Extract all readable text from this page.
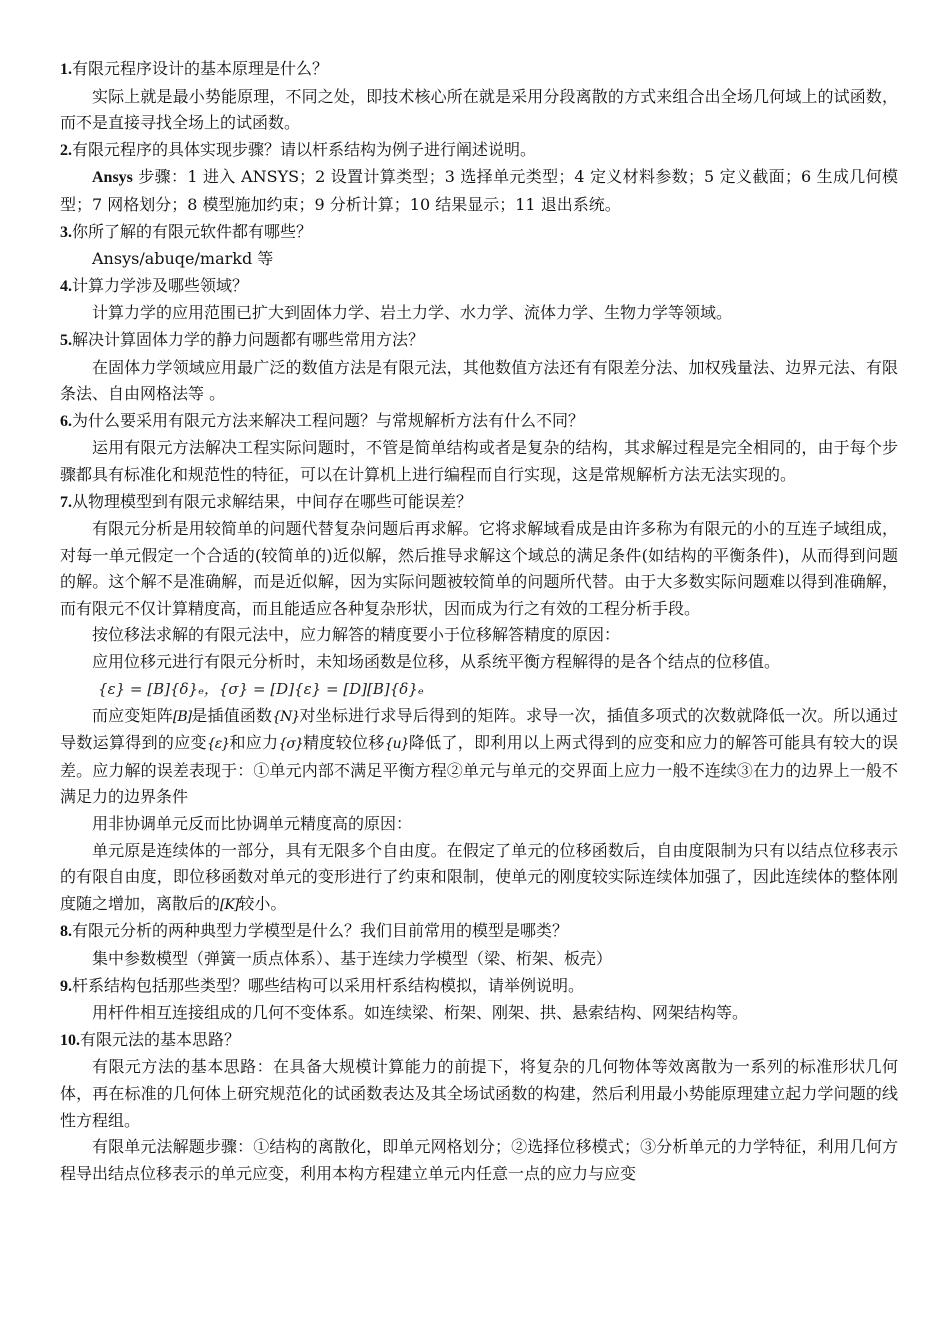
1.有限元程序设计的基本原理是什么？

实际上就是最小势能原理，不同之处，即技术核心所在就是采用分段离散的方式来组合出全场几何域上的试函数，而不是直接寻找全场上的试函数。

2.有限元程序的具体实现步骤？请以杆系结构为例子进行阐述说明。

Ansys 步骤：1 进入 ANSYS；2 设置计算类型；3 选择单元类型；4 定义材料参数；5 定义截面；6 生成几何模型；7 网格划分；8 模型施加约束；9 分析计算；10 结果显示；11 退出系统。

3.你所了解的有限元软件都有哪些？

Ansys/abuqe/markd 等

4.计算力学涉及哪些领域？

计算力学的应用范围已扩大到固体力学、岩土力学、水力学、流体力学、生物力学等领域。

5.解决计算固体力学的静力问题都有哪些常用方法？

在固体力学领域应用最广泛的数值方法是有限元法，其他数值方法还有有限差分法、加权残量法、边界元法、有限条法、自由网格法等 。

6.为什么要采用有限元方法来解决工程问题？与常规解析方法有什么不同？

运用有限元方法解决工程实际问题时，不管是简单结构或者是复杂的结构，其求解过程是完全相同的，由于每个步骤都具有标准化和规范性的特征，可以在计算机上进行编程而自行实现，这是常规解析方法无法实现的。

7.从物理模型到有限元求解结果，中间存在哪些可能误差？

有限元分析是用较简单的问题代替复杂问题后再求解。它将求解域看成是由许多称为有限元的小的互连子域组成，对每一单元假定一个合适的(较简单的)近似解，然后推导求解这个域总的满足条件(如结构的平衡条件)，从而得到问题的解。这个解不是准确解，而是近似解，因为实际问题被较简单的问题所代替。由于大多数实际问题难以得到准确解，而有限元不仅计算精度高，而且能适应各种复杂形状，因而成为行之有效的工程分析手段。

按位移法求解的有限元法中，应力解答的精度要小于位移解答精度的原因：

应用位移元进行有限元分析时，未知场函数是位移，从系统平衡方程解得的是各个结点的位移值。

{ε} = [B]{δ}ₑ，{σ} = [D]{ε} = [D][B]{δ}ₑ

而应变矩阵[B]是插值函数{N}对坐标进行求导后得到的矩阵。求导一次，插值多项式的次数就降低一次。所以通过导数运算得到的应变{ε}和应力{σ}精度较位移{u}降低了，即利用以上两式得到的应变和应力的解答可能具有较大的误差。应力解的误差表现于：①单元内部不满足平衡方程②单元与单元的交界面上应力一般不连续③在力的边界上一般不满足力的边界条件

用非协调单元反而比协调单元精度高的原因：

单元原是连续体的一部分，具有无限多个自由度。在假定了单元的位移函数后，自由度限制为只有以结点位移表示的有限自由度，即位移函数对单元的变形进行了约束和限制，使单元的刚度较实际连续体加强了，因此连续体的整体刚度随之增加，离散后的[K]较小。

8.有限元分析的两种典型力学模型是什么？我们目前常用的模型是哪类？

集中参数模型（弹簧一质点体系）、基于连续力学模型（梁、桁架、板壳）

9.杆系结构包括那些类型？哪些结构可以采用杆系结构模拟，请举例说明。

用杆件相互连接组成的几何不变体系。如连续梁、桁架、刚架、拱、悬索结构、网架结构等。

10.有限元法的基本思路？

有限元方法的基本思路：在具备大规模计算能力的前提下，将复杂的几何物体等效离散为一系列的标准形状几何体，再在标准的几何体上研究规范化的试函数表达及其全场试函数的构建，然后利用最小势能原理建立起力学问题的线性方程组。

有限单元法解题步骤：①结构的离散化，即单元网格划分；②选择位移模式；③分析单元的力学特征，利用几何方程导出结点位移表示的单元应变，利用本构方程建立单元内任意一点的应力与应变
